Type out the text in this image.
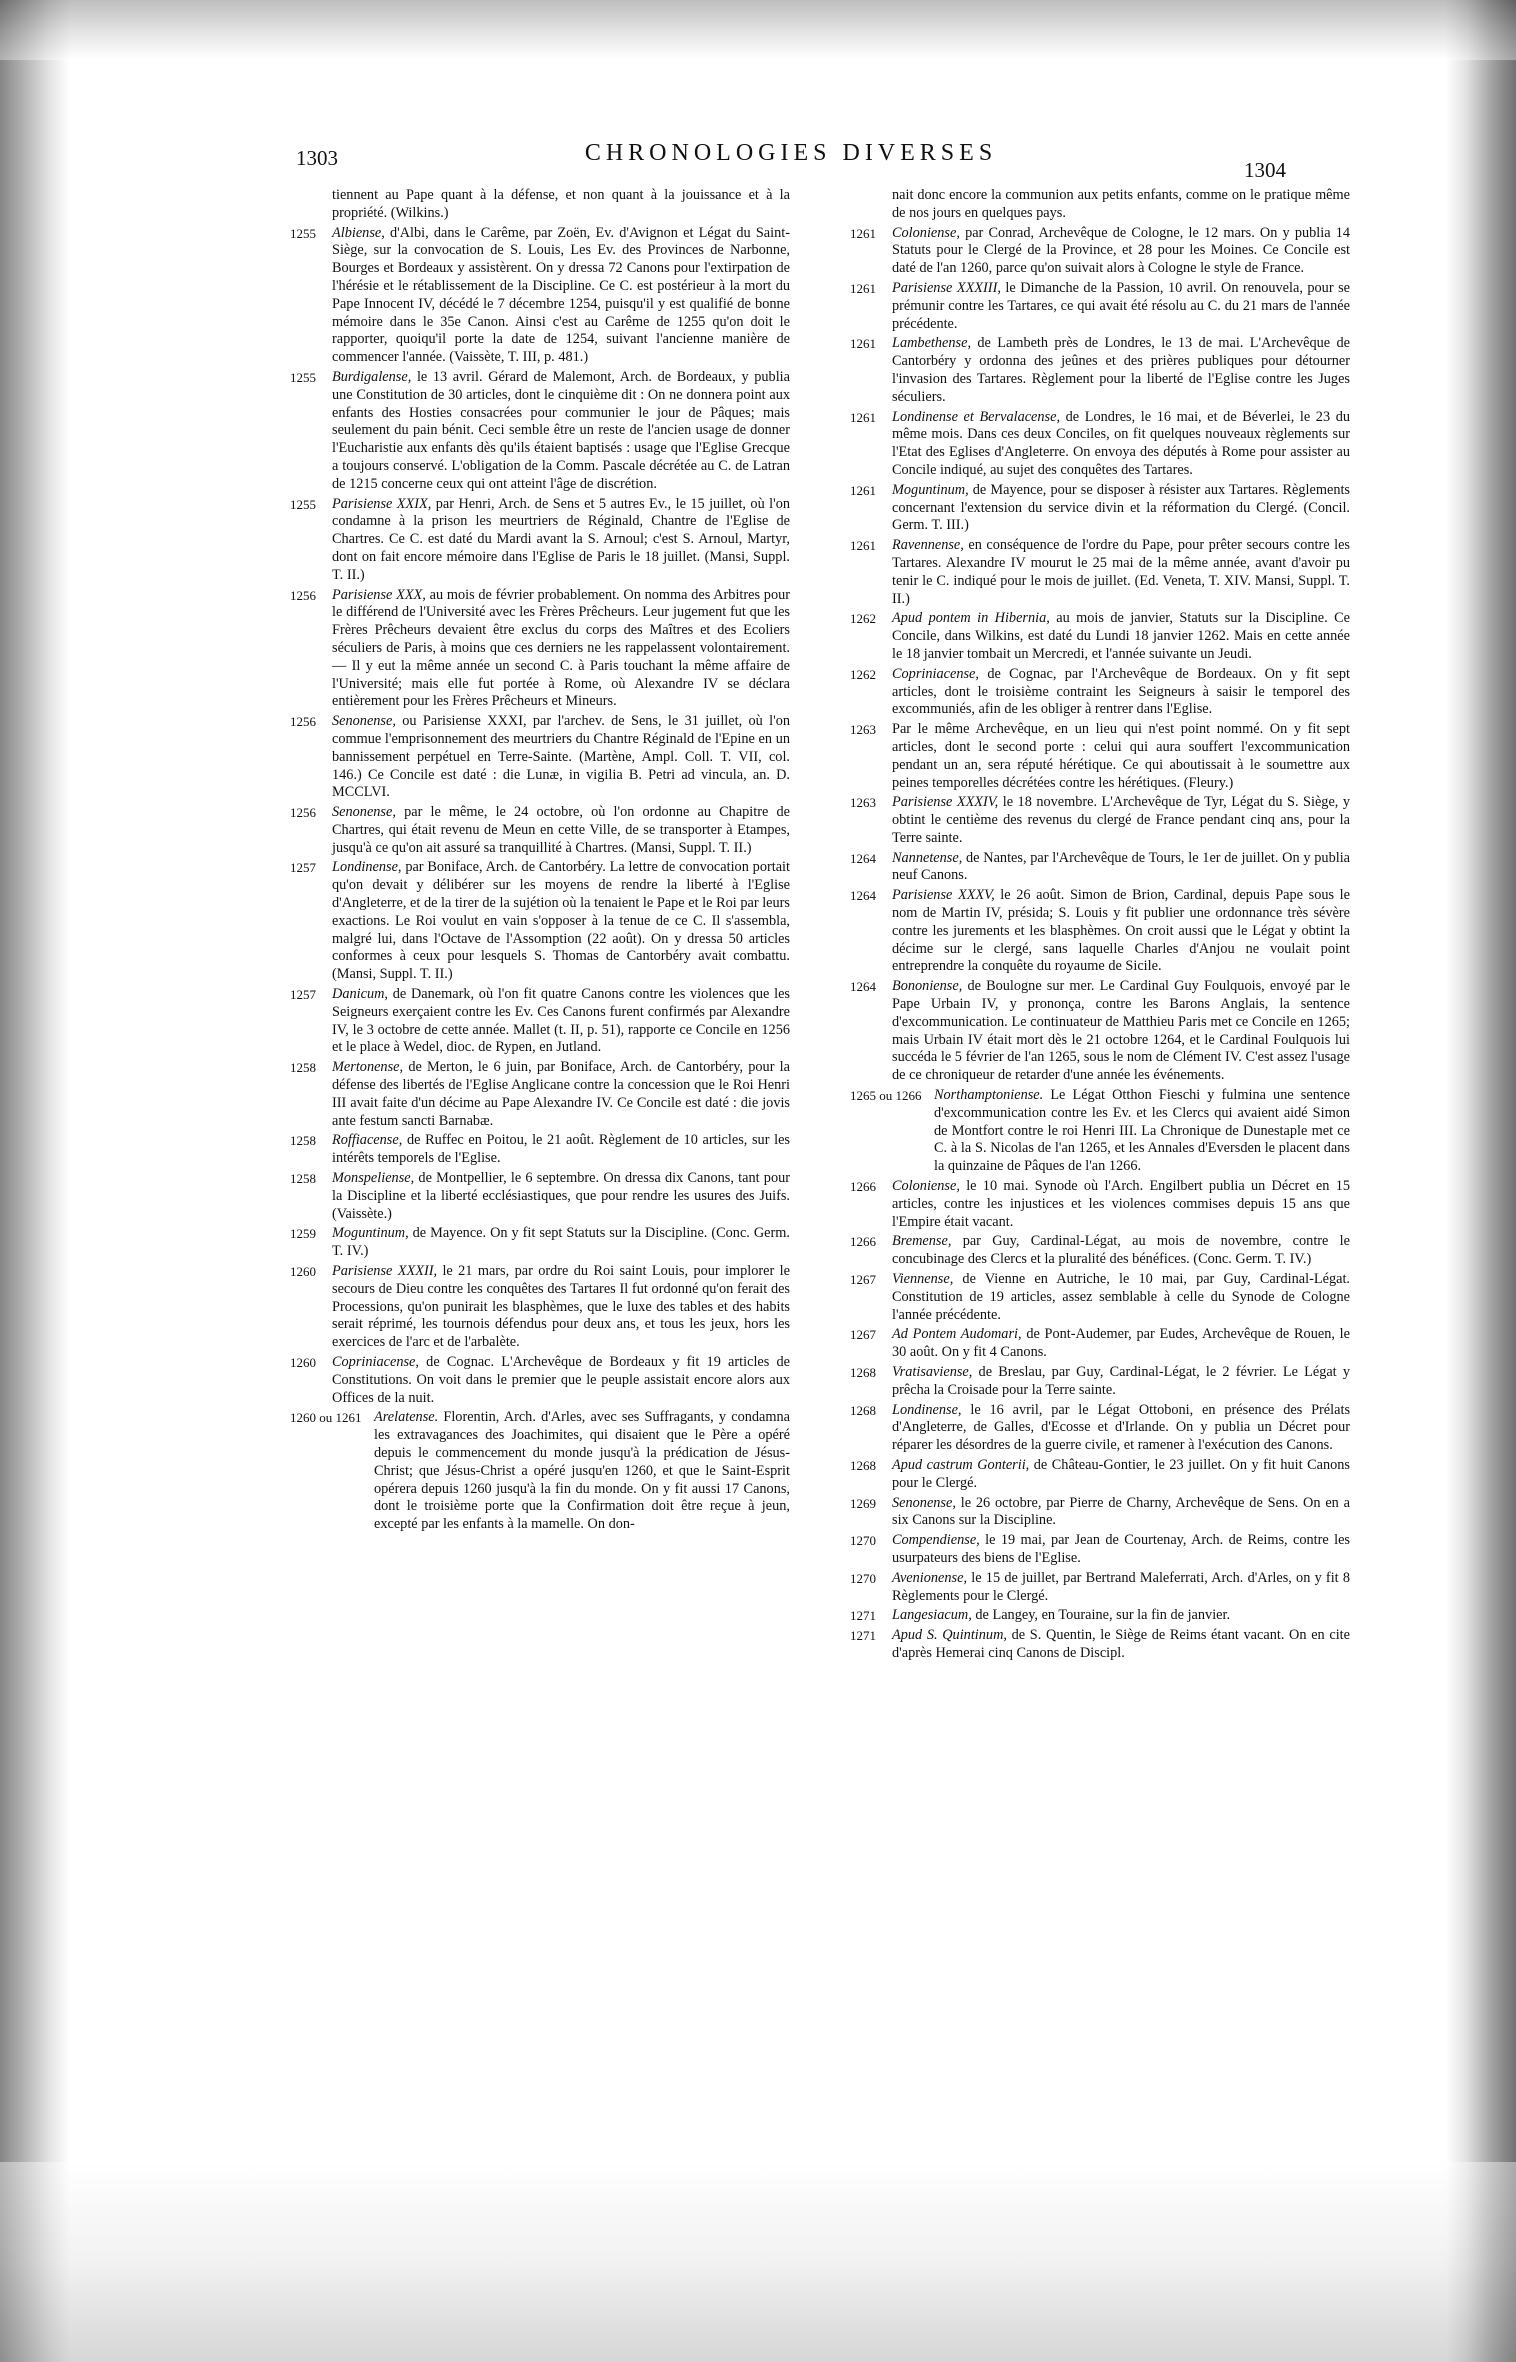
1303	CHRONOLOGIES DIVERSES
1304
tiennent au Pape quant à la défense, et non quant à la jouissance et à la propriété. (Wilkins.)
1255 Albiense, d'Albi, dans le Carême, par Zoën, Ev. d'Avignon et Légat du Saint-Siège, sur la convocation de S. Louis, Les Ev. des Provinces de Narbonne, Bourges et Bordeaux y assistèrent. On y dressa 72 Canons pour l'extirpation de l'hérésie et le rétablissement de la Discipline. Ce C. est postérieur à la mort du Pape Innocent IV, décédé le 7 décembre 1254, puisqu'il y est qualifié de bonne mémoire dans le 35e Canon. Ainsi c'est au Carême de 1255 qu'on doit le rapporter, quoiqu'il porte la date de 1254, suivant l'ancienne manière de commencer l'année. (Vaissète, T. III, p. 481.)
1255 Burdigalense, le 13 avril. Gérard de Malemont, Arch. de Bordeaux, y publia une Constitution de 30 articles, dont le cinquième dit : On ne donnera point aux enfants des Hosties consacrées pour communier le jour de Pâques; mais seulement du pain bénit. Ceci semble être un reste de l'ancien usage de donner l'Eucharistie aux enfants dès qu'ils étaient baptisés : usage que l'Eglise Grecque a toujours conservé. L'obligation de la Comm. Pascale décrétée au C. de Latran de 1215 concerne ceux qui ont atteint l'âge de discrétion.
1255 Parisiense XXIX, par Henri, Arch. de Sens et 5 autres Ev., le 15 juillet, où l'on condamne à la prison les meurtriers de Réginald, Chantre de l'Eglise de Chartres. Ce C. est daté du Mardi avant la S. Arnoul; c'est S. Arnoul, Martyr, dont on fait encore mémoire dans l'Eglise de Paris le 18 juillet. (Mansi, Suppl. T. II.)
1256 Parisiense XXX, au mois de février probablement. On nomma des Arbitres pour le différend de l'Université avec les Frères Prêcheurs. Leur jugement fut que les Frères Prêcheurs devaient être exclus du corps des Maîtres et des Ecoliers séculiers de Paris, à moins que ces derniers ne les rappelassent volontairement. — Il y eut la même année un second C. à Paris touchant la même affaire de l'Université; mais elle fut portée à Rome, où Alexandre IV se déclara entièrement pour les Frères Prêcheurs et Mineurs.
1256 Senonense, ou Parisiense XXXI, par l'archev. de Sens, le 31 juillet, où l'on commue l'emprisonnement des meurtriers du Chantre Réginald de l'Epine en un bannissement perpétuel en Terre-Sainte. (Martène, Ampl. Coll. T. VII, col. 146.) Ce Concile est daté : die Lunæ, in vigilia B. Petri ad vincula, an. D. MCCLVI.
1256 Senonense, par le même, le 24 octobre, où l'on ordonne au Chapitre de Chartres, qui était revenu de Meun en cette Ville, de se transporter à Etampes, jusqu'à ce qu'on ait assuré sa tranquillité à Chartres. (Mansi, Suppl. T. II.)
1257 Londinense, par Boniface, Arch. de Cantorbéry. La lettre de convocation portait qu'on devait y délibérer sur les moyens de rendre la liberté à l'Eglise d'Angleterre, et de la tirer de la sujétion où la tenaient le Pape et le Roi par leurs exactions. Le Roi voulut en vain s'opposer à la tenue de ce C. Il s'assembla, malgré lui, dans l'Octave de l'Assomption (22 août). On y dressa 50 articles conformes à ceux pour lesquels S. Thomas de Cantorbéry avait combattu. (Mansi, Suppl. T. II.)
1257 Danicum, de Danemark, où l'on fit quatre Canons contre les violences que les Seigneurs exerçaient contre les Ev. Ces Canons furent confirmés par Alexandre IV, le 3 octobre de cette année. Mallet (t. II, p. 51), rapporte ce Concile en 1256 et le place à Wedel, dioc. de Rypen, en Jutland.
1258 Mertonense, de Merton, le 6 juin, par Boniface, Arch. de Cantorbéry, pour la défense des libertés de l'Eglise Anglicane contre la concession que le Roi Henri III avait faite d'un décime au Pape Alexandre IV. Ce Concile est daté : die jovis ante festum sancti Barnabæ.
1258 Roffiacense, de Ruffec en Poitou, le 21 août. Règlement de 10 articles, sur les intérêts temporels de l'Eglise.
1258 Monspeliense, de Montpellier, le 6 septembre. On dressa dix Canons, tant pour la Discipline et la liberté ecclésiastiques, que pour rendre les usures des Juifs. (Vaissète.)
1259 Moguntinum, de Mayence. On y fit sept Statuts sur la Discipline. (Conc. Germ. T. IV.)
1260 Parisiense XXXII, le 21 mars, par ordre du Roi saint Louis, pour implorer le secours de Dieu contre les conquêtes des Tartares Il fut ordonné qu'on ferait des Processions, qu'on punirait les blasphèmes, que le luxe des tables et des habits serait réprimé, les tournois défendus pour deux ans, et tous les jeux, hors les exercices de l'arc et de l'arbalète.
1260 Copriniacense, de Cognac. L'Archevêque de Bordeaux y fit 19 articles de Constitutions. On voit dans le premier que le peuple assistait encore alors aux Offices de la nuit.
1260 ou 1261 Arelatense. Florentin, Arch. d'Arles, avec ses Suffragants, y condamna les extravagances des Joachimites, qui disaient que le Père a opéré depuis le commencement du monde jusqu'à la prédication de Jésus-Christ; que Jésus-Christ a opéré jusqu'en 1260, et que le Saint-Esprit opérera depuis 1260 jusqu'à la fin du monde. On y fit aussi 17 Canons, dont le troisième porte que la Confirmation doit être reçue à jeun, excepté par les enfants à la mamelle. On don-
nait donc encore la communion aux petits enfants, comme on le pratique même de nos jours en quelques pays.
1261 Coloniense, par Conrad, Archevêque de Cologne, le 12 mars. On y publia 14 Statuts pour le Clergé de la Province, et 28 pour les Moines. Ce Concile est daté de l'an 1260, parce qu'on suivait alors à Cologne le style de France.
1261 Parisiense XXXIII, le Dimanche de la Passion, 10 avril. On renouvela, pour se prémunir contre les Tartares, ce qui avait été résolu au C. du 21 mars de l'année précédente.
1261 Lambethense, de Lambeth près de Londres, le 13 de mai. L'Archevêque de Cantorbéry y ordonna des jeûnes et des prières publiques pour détourner l'invasion des Tartares. Règlement pour la liberté de l'Eglise contre les Juges séculiers.
1261 Londinense et Bervalacense, de Londres, le 16 mai, et de Béverlei, le 23 du même mois. Dans ces deux Conciles, on fit quelques nouveaux règlements sur l'Etat des Eglises d'Angleterre. On envoya des députés à Rome pour assister au Concile indiqué, au sujet des conquêtes des Tartares.
1261 Moguntinum, de Mayence, pour se disposer à résister aux Tartares. Règlements concernant l'extension du service divin et la réformation du Clergé. (Concil. Germ. T. III.)
1261 Ravennense, en conséquence de l'ordre du Pape, pour prêter secours contre les Tartares. Alexandre IV mourut le 25 mai de la même année, avant d'avoir pu tenir le C. indiqué pour le mois de juillet. (Ed. Veneta, T. XIV. Mansi, Suppl. T. II.)
1262 Apud pontem in Hibernia, au mois de janvier, Statuts sur la Discipline. Ce Concile, dans Wilkins, est daté du Lundi 18 janvier 1262. Mais en cette année le 18 janvier tombait un Mercredi, et l'année suivante un Jeudi.
1262 Copriniacense, de Cognac, par l'Archevêque de Bordeaux. On y fit sept articles, dont le troisième contraint les Seigneurs à saisir le temporel des excommuniés, afin de les obliger à rentrer dans l'Eglise.
1263 Par le même Archevêque, en un lieu qui n'est point nommé. On y fit sept articles, dont le second porte : celui qui aura souffert l'excommunication pendant un an, sera réputé hérétique. Ce qui aboutissait à le soumettre aux peines temporelles décrétées contre les hérétiques. (Fleury.)
1263 Parisiense XXXIV, le 18 novembre. L'Archevêque de Tyr, Légat du S. Siège, y obtint le centième des revenus du clergé de France pendant cinq ans, pour la Terre sainte.
1264 Nannetense, de Nantes, par l'Archevêque de Tours, le 1er de juillet. On y publia neuf Canons.
1264 Parisiense XXXV, le 26 août. Simon de Brion, Cardinal, depuis Pape sous le nom de Martin IV, présida; S. Louis y fit publier une ordonnance très sévère contre les jurements et les blasphèmes. On croit aussi que le Légat y obtint la décime sur le clergé, sans laquelle Charles d'Anjou ne voulait point entreprendre la conquête du royaume de Sicile.
1264 Bononiense, de Boulogne sur mer. Le Cardinal Guy Foulquois, envoyé par le Pape Urbain IV, y prononça, contre les Barons Anglais, la sentence d'excommunication. Le continuateur de Matthieu Paris met ce Concile en 1265; mais Urbain IV était mort dès le 21 octobre 1264, et le Cardinal Foulquois lui succéda le 5 février de l'an 1265, sous le nom de Clément IV. C'est assez l'usage de ce chroniqueur de retarder d'une année les événements.
1265 ou 1266 Northamptoniense. Le Légat Otthon Fieschi y fulmina une sentence d'excommunication contre les Ev. et les Clercs qui avaient aidé Simon de Montfort contre le roi Henri III. La Chronique de Dunestaple met ce C. à la S. Nicolas de l'an 1265, et les Annales d'Eversden le placent dans la quinzaine de Pâques de l'an 1266.
1266 Coloniense, le 10 mai. Synode où l'Arch. Engilbert publia un Décret en 15 articles, contre les injustices et les violences commises depuis 15 ans que l'Empire était vacant.
1266 Bremense, par Guy, Cardinal-Légat, au mois de novembre, contre le concubinage des Clercs et la pluralité des bénéfices. (Conc. Germ. T. IV.)
1267 Viennense, de Vienne en Autriche, le 10 mai, par Guy, Cardinal-Légat. Constitution de 19 articles, assez semblable à celle du Synode de Cologne l'année précédente.
1267 Ad Pontem Audomari, de Pont-Audemer, par Eudes, Archevêque de Rouen, le 30 août. On y fit 4 Canons.
1268 Vratisaviense, de Breslau, par Guy, Cardinal-Légat, le 2 février. Le Légat y prêcha la Croisade pour la Terre sainte.
1268 Londinense, le 16 avril, par le Légat Ottoboni, en présence des Prélats d'Angleterre, de Galles, d'Ecosse et d'Irlande. On y publia un Décret pour réparer les désordres de la guerre civile, et ramener à l'exécution des Canons.
1268 Apud castrum Gonterii, de Château-Gontier, le 23 juillet. On y fit huit Canons pour le Clergé.
1269 Senonense, le 26 octobre, par Pierre de Charny, Archevêque de Sens. On en a six Canons sur la Discipline.
1270 Compendiense, le 19 mai, par Jean de Courtenay, Arch. de Reims, contre les usurpateurs des biens de l'Eglise.
1270 Avenionense, le 15 de juillet, par Bertrand Maleferrati, Arch. d'Arles, on y fit 8 Règlements pour le Clergé.
1271 Langesiacum, de Langey, en Touraine, sur la fin de janvier.
1271 Apud S. Quintinum, de S. Quentin, le Siège de Reims étant vacant. On en cite d'après Hemerai cinq Canons de Discipl.
